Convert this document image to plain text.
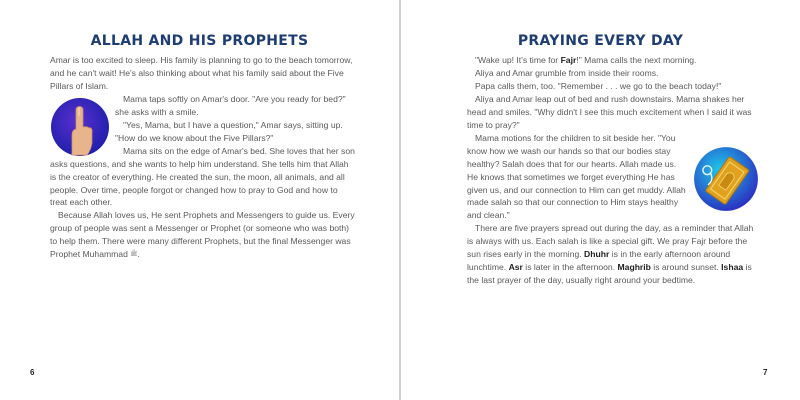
ALLAH AND HIS PROPHETS

Amar is too excited to sleep. His family is planning to go to the beach tomorrow, and he can't wait! He's also thinking about what his family said about the Five Pillars of Islam.

Mama taps softly on Amar's door. "Are you ready for bed?" she asks with a smile.

"Yes, Mama, but I have a question," Amar says, sitting up. "How do we know about the Five Pillars?"

Mama sits on the edge of Amar's bed. She loves that her son asks questions, and she wants to help him understand. She tells him that Allah is the creator of everything. He created the sun, the moon, all animals, and all people. Over time, people forgot or changed how to pray to God and how to treat each other.

Because Allah loves us, He sent Prophets and Messengers to guide us. Every group of people was sent a Messenger or Prophet (or someone who was both) to help them. There were many different Prophets, but the final Messenger was Prophet Muhammad ﷺ.

6
PRAYING EVERY DAY

"Wake up! It's time for Fajr!" Mama calls the next morning.

Aliya and Amar grumble from inside their rooms.

Papa calls them, too. "Remember . . . we go to the beach today!"

Aliya and Amar leap out of bed and rush downstairs. Mama shakes her head and smiles. "Why didn't I see this much excitement when I said it was time to pray?"

Mama motions for the children to sit beside her. "You know how we wash our hands so that our bodies stay healthy? Salah does that for our hearts. Allah made us. He knows that sometimes we forget everything He has given us, and our connection to Him can get muddy. Allah made salah so that our connection to Him stays healthy and clean."

There are five prayers spread out during the day, as a reminder that Allah is always with us. Each salah is like a special gift. We pray Fajr before the sun rises early in the morning. Dhuhr is in the early afternoon around lunchtime. Asr is later in the afternoon. Maghrib is around sunset. Ishaa is the last prayer of the day, usually right around your bedtime.

7
